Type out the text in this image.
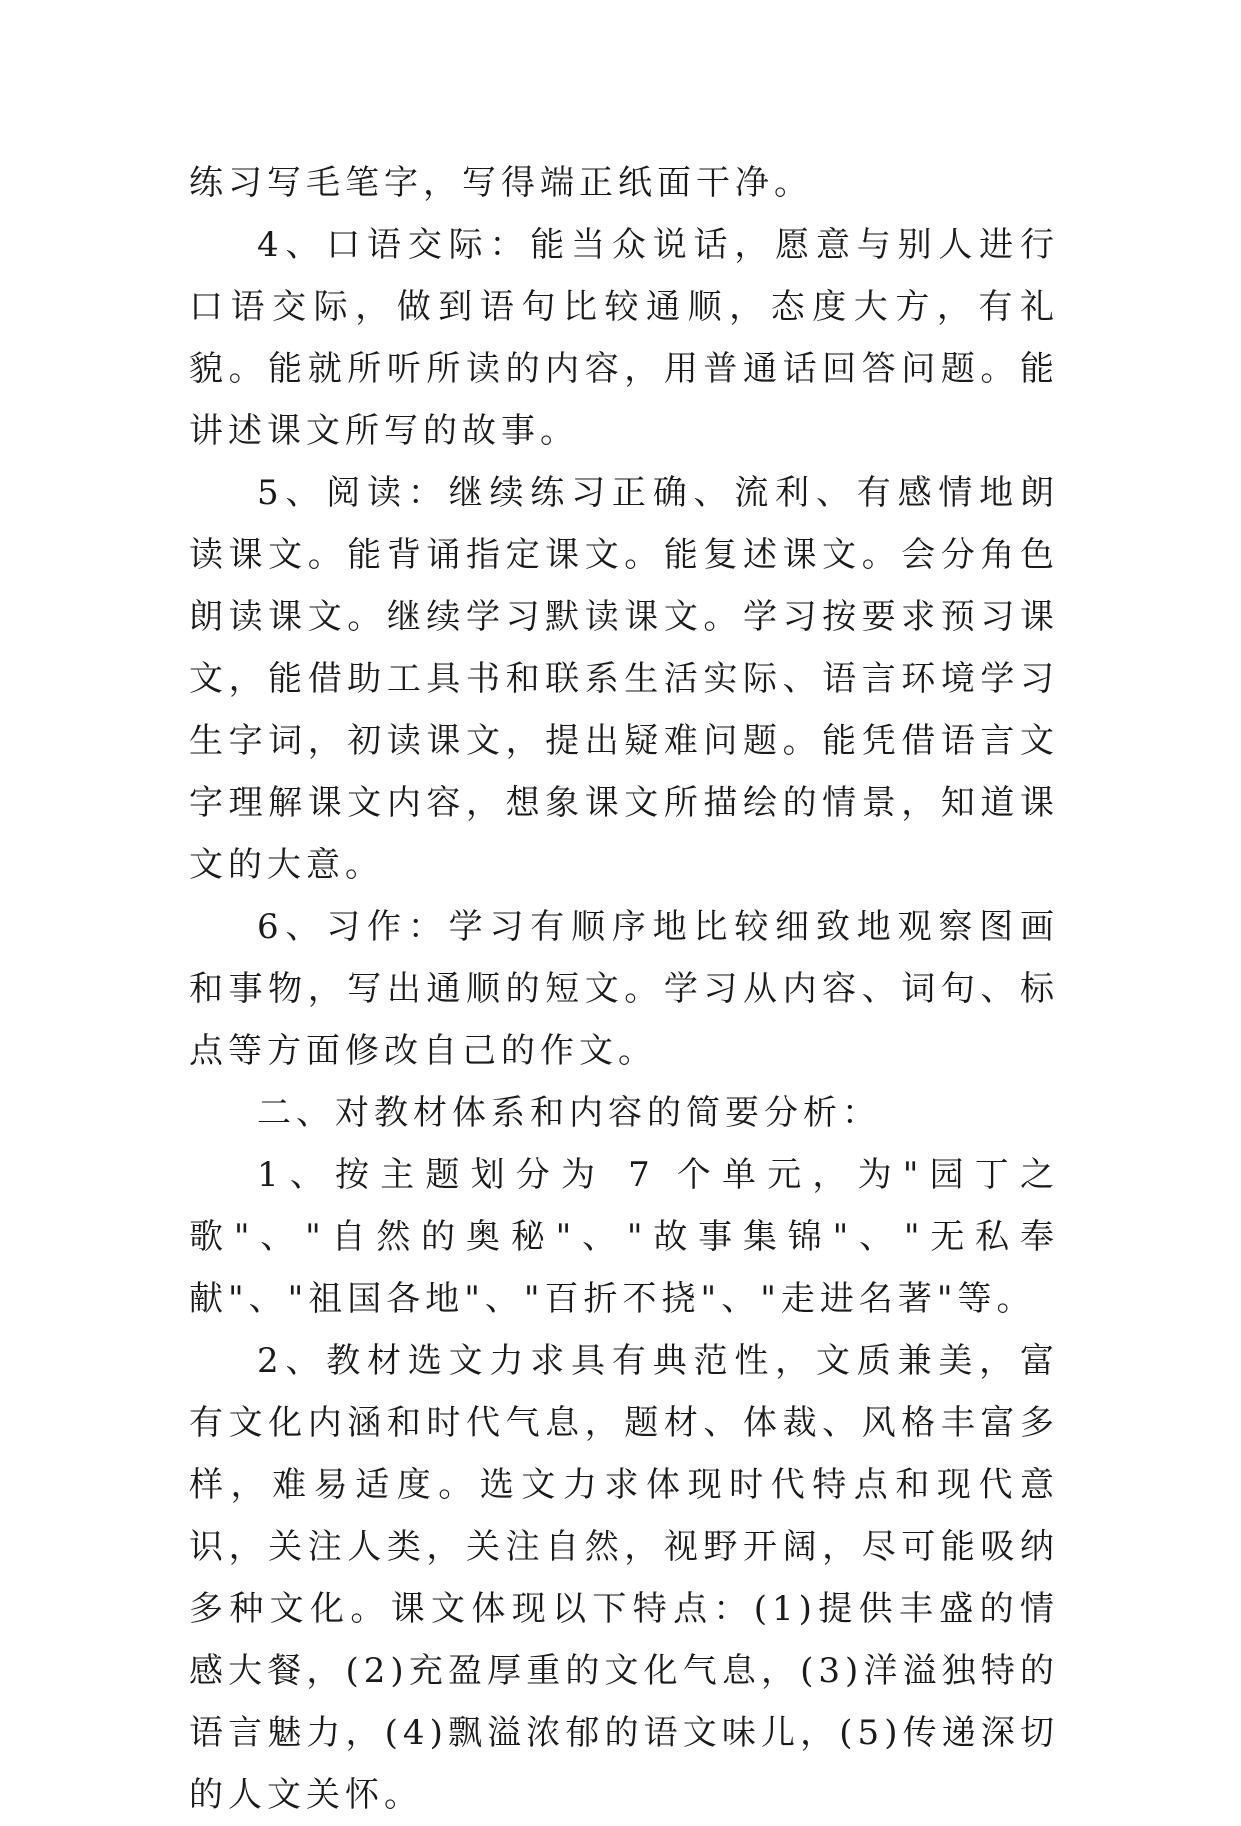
练习写毛笔字，写得端正纸面干净。

4、口语交际：能当众说话，愿意与别人进行口语交际，做到语句比较通顺，态度大方，有礼貌。能就所听所读的内容，用普通话回答问题。能讲述课文所写的故事。

5、阅读：继续练习正确、流利、有感情地朗读课文。能背诵指定课文。能复述课文。会分角色朗读课文。继续学习默读课文。学习按要求预习课文，能借助工具书和联系生活实际、语言环境学习生字词，初读课文，提出疑难问题。能凭借语言文字理解课文内容，想象课文所描绘的情景，知道课文的大意。

6、习作：学习有顺序地比较细致地观察图画和事物，写出通顺的短文。学习从内容、词句、标点等方面修改自己的作文。

二、对教材体系和内容的简要分析：

1、按主题划分为 7 个单元，为"园丁之歌"、"自然的奥秘"、"故事集锦"、"无私奉献"、"祖国各地"、"百折不挠"、"走进名著"等。

2、教材选文力求具有典范性，文质兼美，富有文化内涵和时代气息，题材、体裁、风格丰富多样，难易适度。选文力求体现时代特点和现代意识，关注人类，关注自然，视野开阔，尽可能吸纳多种文化。课文体现以下特点：(1)提供丰盛的情感大餐，(2)充盈厚重的文化气息，(3)洋溢独特的语言魅力，(4)飘溢浓郁的语文味儿，(5)传递深切的人文关怀。
